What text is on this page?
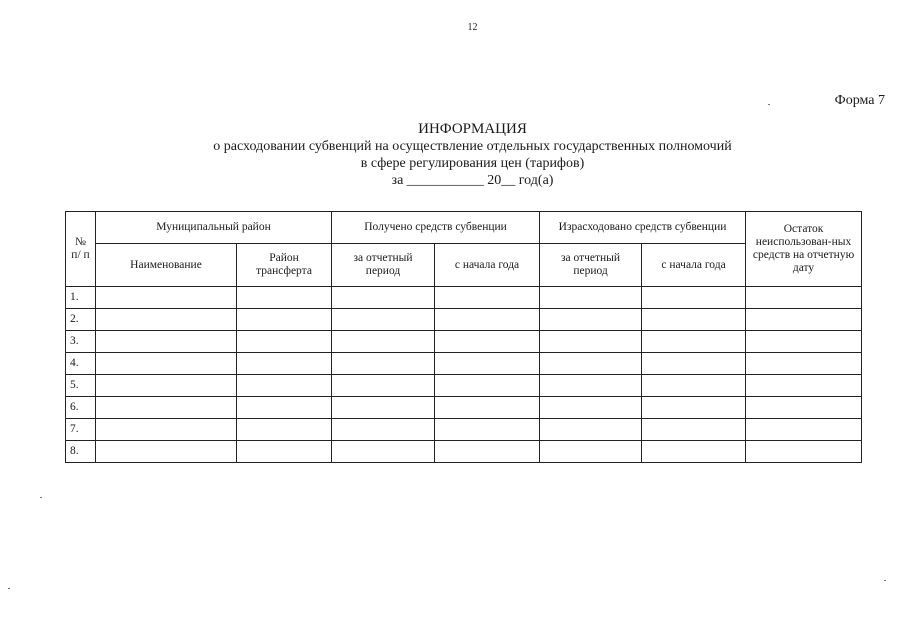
12
Форма 7
ИНФОРМАЦИЯ
о расходовании субвенций на осуществление отдельных государственных полномочий
в сфере регулирования цен (тарифов)
за ___________ 20__ год(а)
№ п/ п	Муниципальный район		Получено средств субвенции		Израсходовано средств субвенции		Остаток неиспользован-ных средств на отчетную дату
	Наименование	Район трансферта	за отчетный период	с начала года	за отчетный период	с начала года	
1.							
2.							
3.							
4.							
5.							
6.							
7.							
8.							
